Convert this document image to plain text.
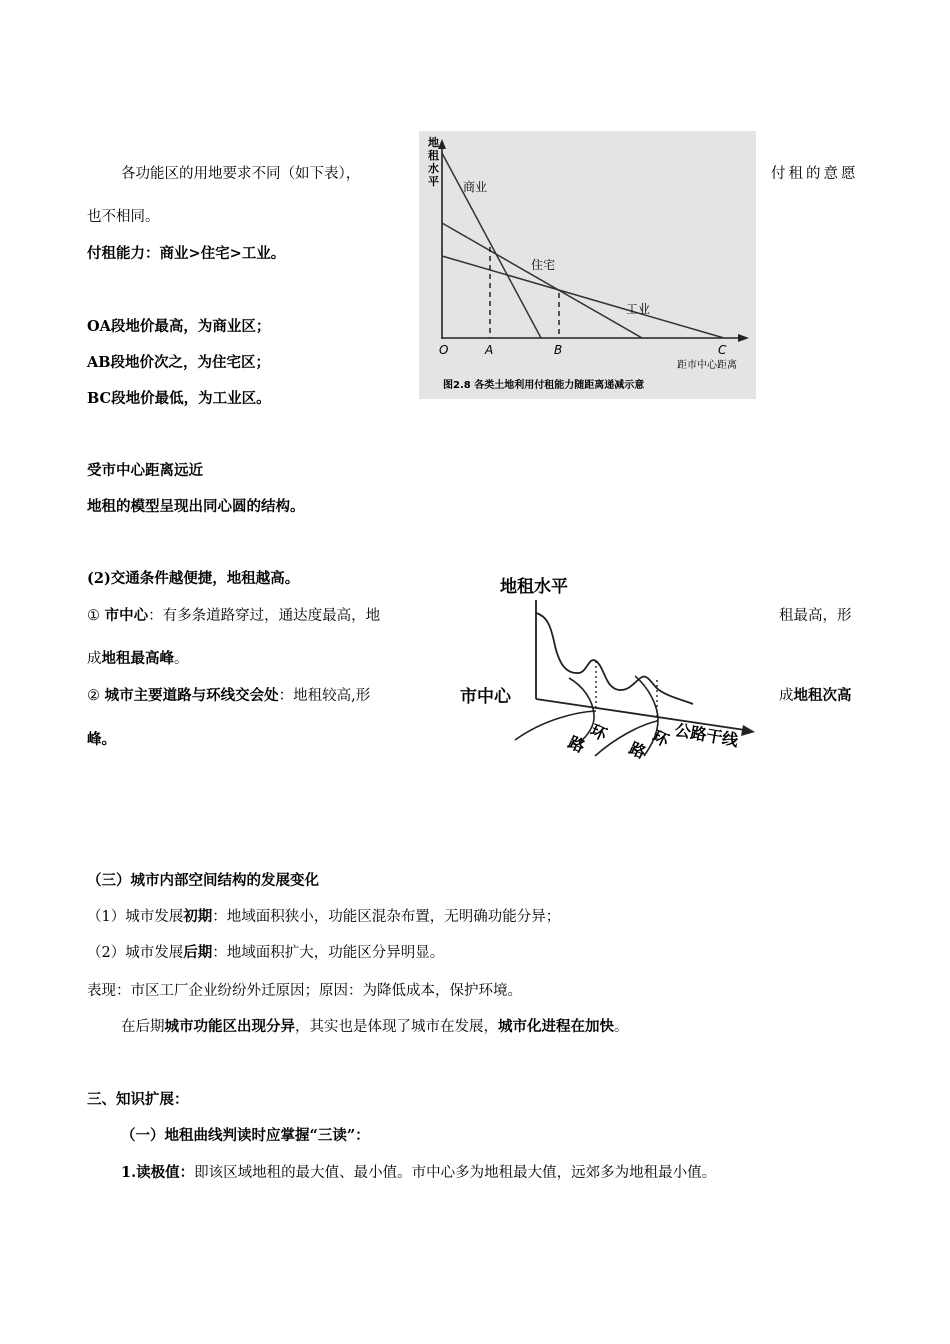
各功能区的用地要求不同（如下表），	付租的意愿
也不相同。
付租能力：商业>住宅>工业。
OA段地价最高，为商业区；
AB段地价次之，为住宅区；
BC段地价最低，为工业区。
受市中心距离远近
地租的模型呈现出同心圆的结构。
地
租
水
平 商业
住宅
工业
O	A	B	C
距市中心距离
图2.8 各类土地利用付租能力随距离递减示意
(2)交通条件越便捷，地租越高。
① 市中心：有多条道路穿过，通达度最高，地	租最高，形
成地租最高峰。
② 城市主要道路与环线交会处：地租较高,形	成地租次高
峰。
地租水平
市中心
环
路	环
路
公路干线
（三）城市内部空间结构的发展变化
（1）城市发展初期：地域面积狭小，功能区混杂布置，无明确功能分异；
（2）城市发展后期：地域面积扩大，功能区分异明显。
表现：市区工厂企业纷纷外迁原因；原因：为降低成本，保护环境。
在后期城市功能区出现分异，其实也是体现了城市在发展，城市化进程在加快。
三、知识扩展：
（一）地租曲线判读时应掌握“三读”：
1.读极值：即该区域地租的最大值、最小值。市中心多为地租最大值，远郊多为地租最小值。
